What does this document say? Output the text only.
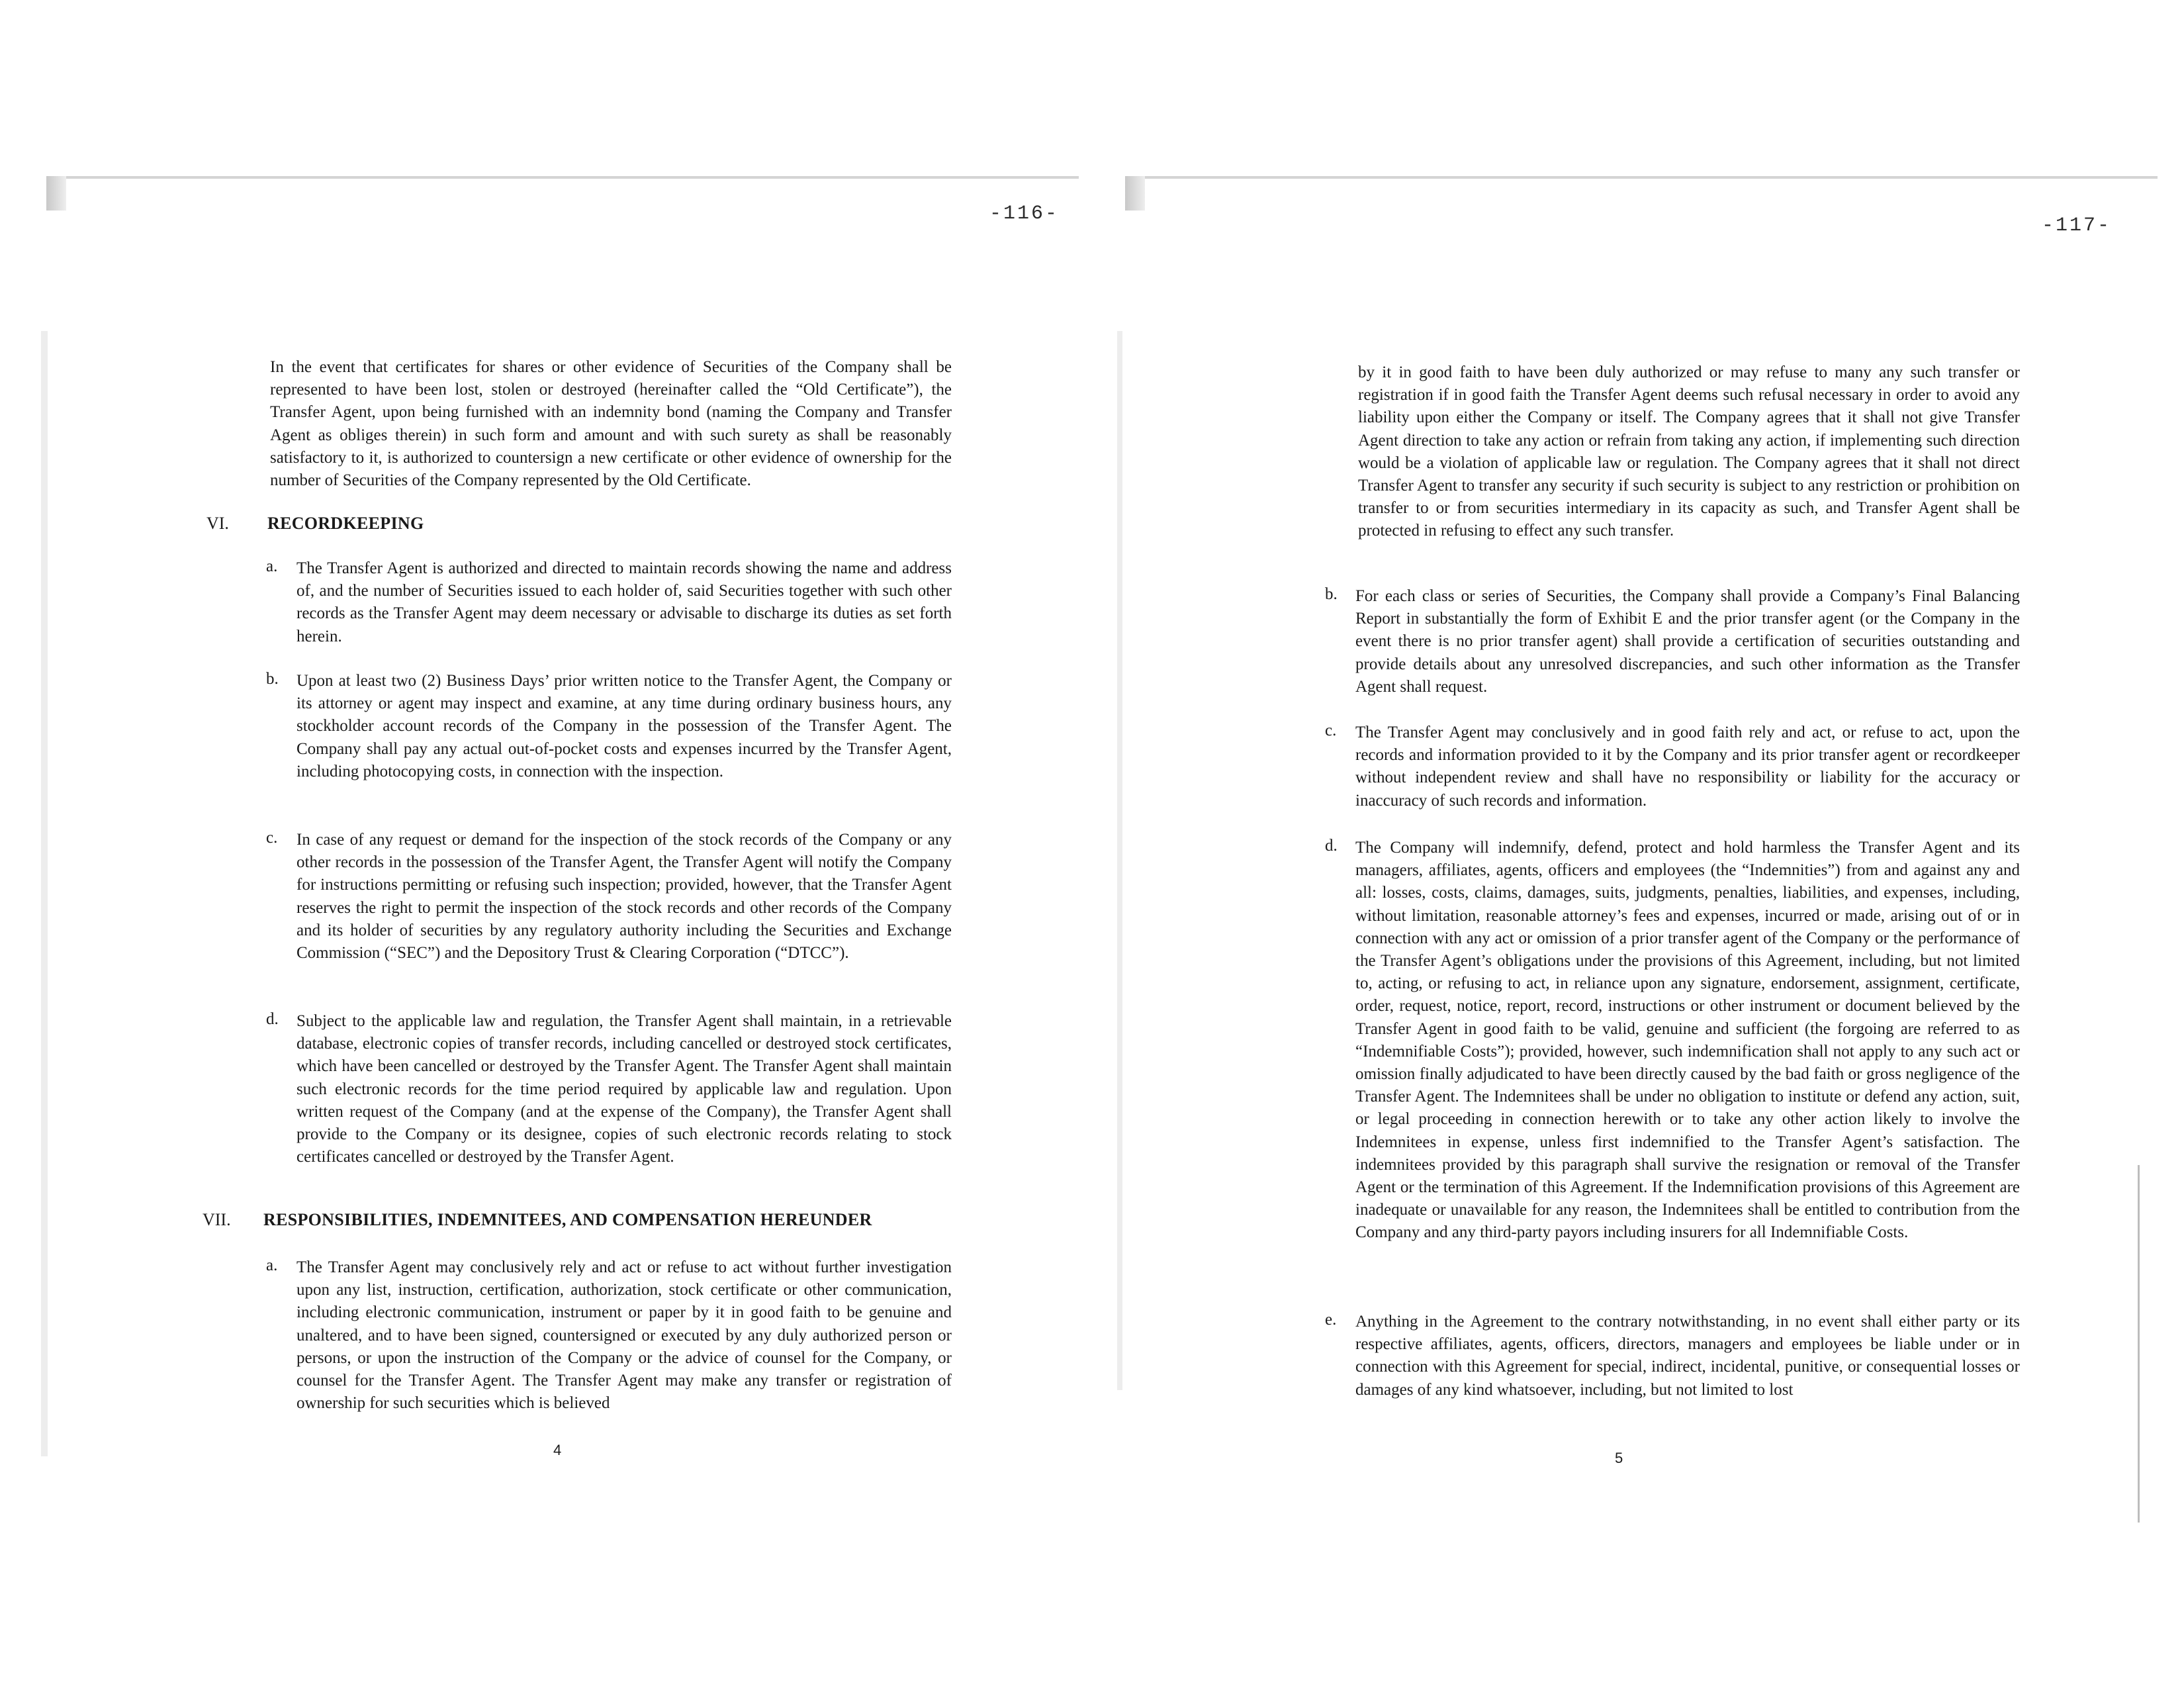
-116-
-117-
In the event that certificates for shares or other evidence of Securities of the Company shall be represented to have been lost, stolen or destroyed (hereinafter called the “Old Certificate”), the Transfer Agent, upon being furnished with an indemnity bond (naming the Company and Transfer Agent as obliges therein) in such form and amount and with such surety as shall be reasonably satisfactory to it, is authorized to countersign a new certificate or other evidence of ownership for the number of Securities of the Company represented by the Old Certificate.
VI. RECORDKEEPING
a. The Transfer Agent is authorized and directed to maintain records showing the name and address of, and the number of Securities issued to each holder of, said Securities together with such other records as the Transfer Agent may deem necessary or advisable to discharge its duties as set forth herein.
b. Upon at least two (2) Business Days’ prior written notice to the Transfer Agent, the Company or its attorney or agent may inspect and examine, at any time during ordinary business hours, any stockholder account records of the Company in the possession of the Transfer Agent. The Company shall pay any actual out-of-pocket costs and expenses incurred by the Transfer Agent, including photocopying costs, in connection with the inspection.
c. In case of any request or demand for the inspection of the stock records of the Company or any other records in the possession of the Transfer Agent, the Transfer Agent will notify the Company for instructions permitting or refusing such inspection; provided, however, that the Transfer Agent reserves the right to permit the inspection of the stock records and other records of the Company and its holder of securities by any regulatory authority including the Securities and Exchange Commission (“SEC”) and the Depository Trust & Clearing Corporation (“DTCC”).
d. Subject to the applicable law and regulation, the Transfer Agent shall maintain, in a retrievable database, electronic copies of transfer records, including cancelled or destroyed stock certificates, which have been cancelled or destroyed by the Transfer Agent. The Transfer Agent shall maintain such electronic records for the time period required by applicable law and regulation. Upon written request of the Company (and at the expense of the Company), the Transfer Agent shall provide to the Company or its designee, copies of such electronic records relating to stock certificates cancelled or destroyed by the Transfer Agent.
VII. RESPONSIBILITIES, INDEMNITEES, AND COMPENSATION HEREUNDER
a. The Transfer Agent may conclusively rely and act or refuse to act without further investigation upon any list, instruction, certification, authorization, stock certificate or other communication, including electronic communication, instrument or paper by it in good faith to be genuine and unaltered, and to have been signed, countersigned or executed by any duly authorized person or persons, or upon the instruction of the Company or the advice of counsel for the Company, or counsel for the Transfer Agent. The Transfer Agent may make any transfer or registration of ownership for such securities which is believed
4
by it in good faith to have been duly authorized or may refuse to many any such transfer or registration if in good faith the Transfer Agent deems such refusal necessary in order to avoid any liability upon either the Company or itself. The Company agrees that it shall not give Transfer Agent direction to take any action or refrain from taking any action, if implementing such direction would be a violation of applicable law or regulation. The Company agrees that it shall not direct Transfer Agent to transfer any security if such security is subject to any restriction or prohibition on transfer to or from securities intermediary in its capacity as such, and Transfer Agent shall be protected in refusing to effect any such transfer.
b. For each class or series of Securities, the Company shall provide a Company’s Final Balancing Report in substantially the form of Exhibit E and the prior transfer agent (or the Company in the event there is no prior transfer agent) shall provide a certification of securities outstanding and provide details about any unresolved discrepancies, and such other information as the Transfer Agent shall request.
c. The Transfer Agent may conclusively and in good faith rely and act, or refuse to act, upon the records and information provided to it by the Company and its prior transfer agent or recordkeeper without independent review and shall have no responsibility or liability for the accuracy or inaccuracy of such records and information.
d. The Company will indemnify, defend, protect and hold harmless the Transfer Agent and its managers, affiliates, agents, officers and employees (the “Indemnities”) from and against any and all: losses, costs, claims, damages, suits, judgments, penalties, liabilities, and expenses, including, without limitation, reasonable attorney’s fees and expenses, incurred or made, arising out of or in connection with any act or omission of a prior transfer agent of the Company or the performance of the Transfer Agent’s obligations under the provisions of this Agreement, including, but not limited to, acting, or refusing to act, in reliance upon any signature, endorsement, assignment, certificate, order, request, notice, report, record, instructions or other instrument or document believed by the Transfer Agent in good faith to be valid, genuine and sufficient (the forgoing are referred to as “Indemnifiable Costs”); provided, however, such indemnification shall not apply to any such act or omission finally adjudicated to have been directly caused by the bad faith or gross negligence of the Transfer Agent. The Indemnitees shall be under no obligation to institute or defend any action, suit, or legal proceeding in connection herewith or to take any other action likely to involve the Indemnitees in expense, unless first indemnified to the Transfer Agent’s satisfaction. The indemnitees provided by this paragraph shall survive the resignation or removal of the Transfer Agent or the termination of this Agreement. If the Indemnification provisions of this Agreement are inadequate or unavailable for any reason, the Indemnitees shall be entitled to contribution from the Company and any third-party payors including insurers for all Indemnifiable Costs.
e. Anything in the Agreement to the contrary notwithstanding, in no event shall either party or its respective affiliates, agents, officers, directors, managers and employees be liable under or in connection with this Agreement for special, indirect, incidental, punitive, or consequential losses or damages of any kind whatsoever, including, but not limited to lost
5
